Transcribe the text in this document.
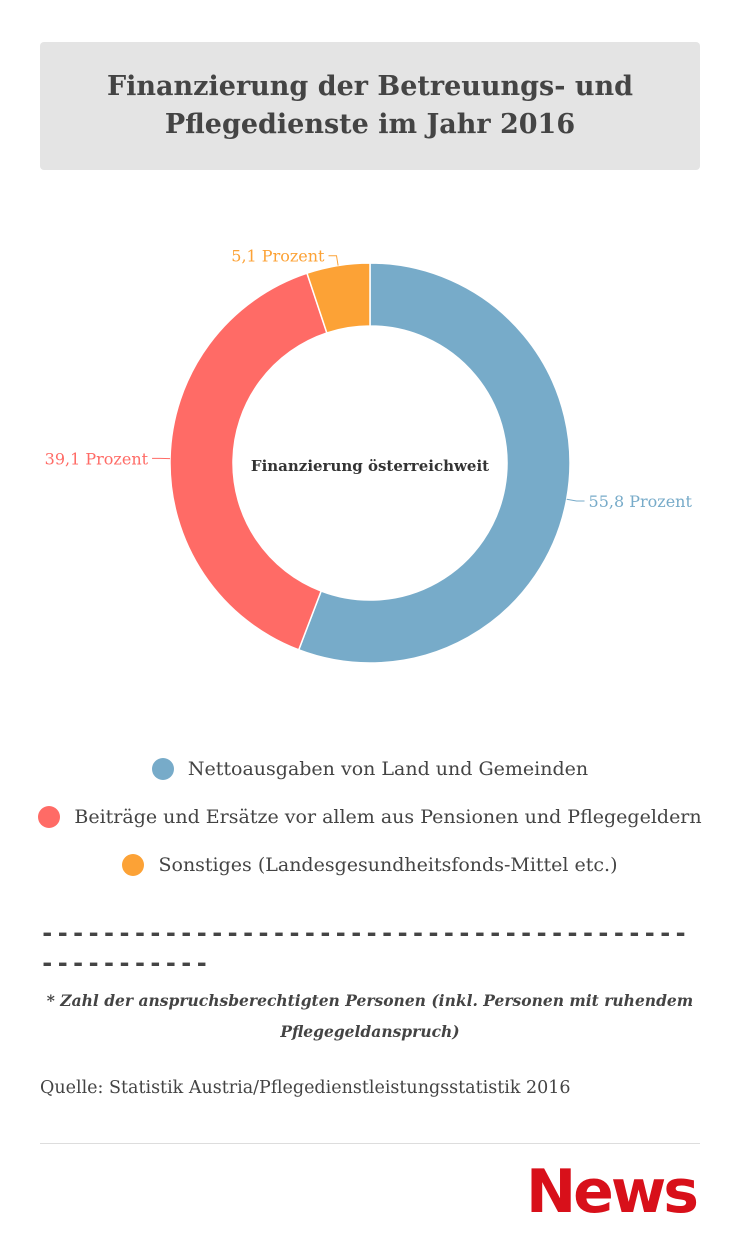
Finanzierung der Betreuungs- und
Pflegedienste im Jahr 2016
55,8 Prozent
39,1 Prozent
5,1 Prozent
Finanzierung österreichweit
Nettoausgaben von Land und Gemeinden
Beiträge und Ersätze vor allem aus Pensionen und Pflegegeldern
Sonstiges (Landesgesundheitsfonds-Mittel etc.)
-----------------------------------------------------
* Zahl der anspruchsberechtigten Personen (inkl. Personen mit ruhendem
Pflegegeldanspruch)
Quelle: Statistik Austria/Pflegedienstleistungsstatistik 2016
News
